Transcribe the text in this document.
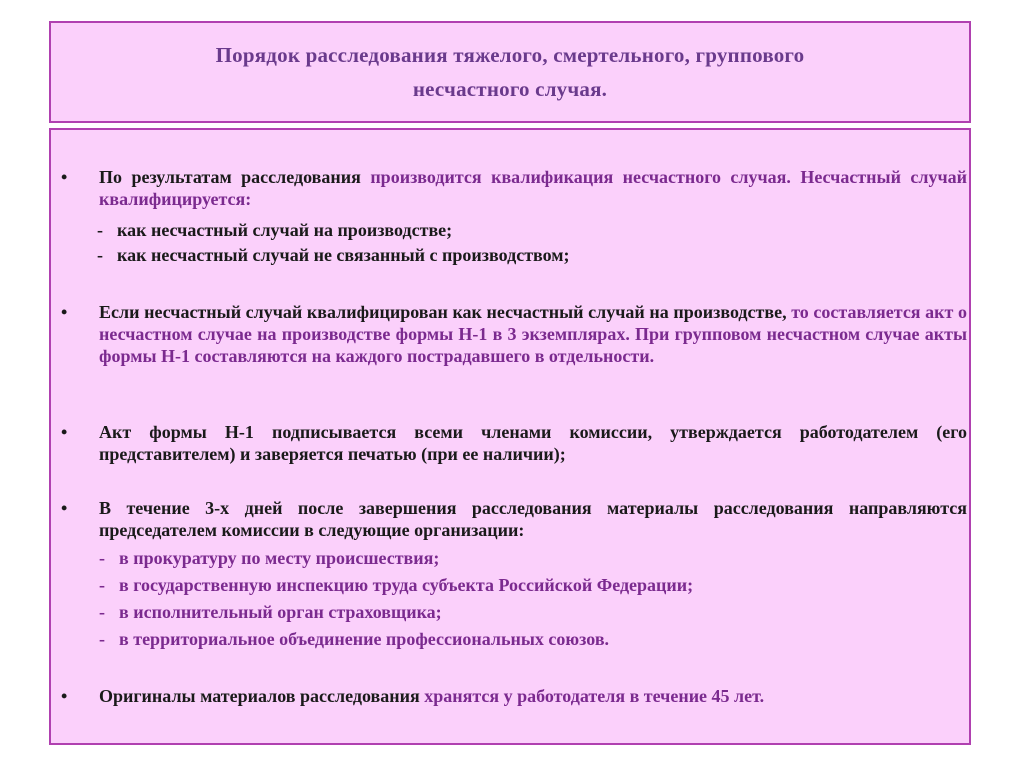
Порядок расследования тяжелого, смертельного, группового
несчастного случая.
• По результатам расследования производится квалификация несчастного случая. Несчастный случай квалифицируется:
- как несчастный случай на производстве;
- как несчастный случай не связанный с производством;
• Если несчастный случай квалифицирован как несчастный случай на производстве, то составляется акт о несчастном случае на производстве формы Н-1 в 3 экземплярах. При групповом несчастном случае акты формы Н-1 составляются на каждого пострадавшего в отдельности.
• Акт формы Н-1 подписывается всеми членами комиссии, утверждается работодателем (его представителем) и заверяется печатью (при ее наличии);
• В течение 3-х дней после завершения расследования материалы расследования направляются председателем комиссии в следующие организации:
- в прокуратуру по месту происшествия;
- в государственную инспекцию труда субъекта Российской Федерации;
- в исполнительный орган страховщика;
- в территориальное объединение профессиональных союзов.
• Оригиналы материалов расследования хранятся у работодателя в течение 45 лет.
